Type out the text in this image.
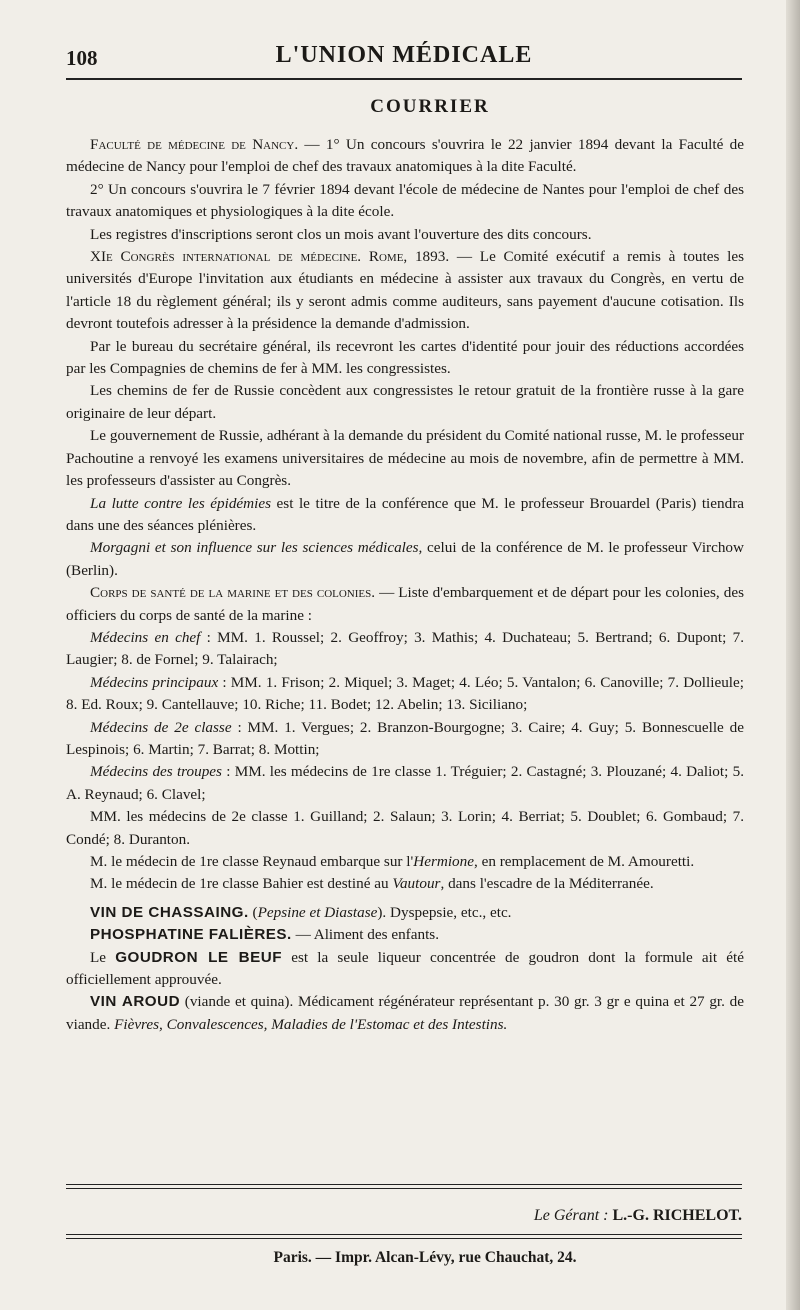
108	L'UNION MÉDICALE
COURRIER

Faculté de médecine de Nancy. — 1° Un concours s'ouvrira le 22 janvier 1894 devant la Faculté de médecine de Nancy pour l'emploi de chef des travaux anatomiques à la dite Faculté.

2° Un concours s'ouvrira le 7 février 1894 devant l'école de médecine de Nantes pour l'emploi de chef des travaux anatomiques et physiologiques à la dite école.

Les registres d'inscriptions seront clos un mois avant l'ouverture des dits concours.

XIe Congrès international de médecine. Rome, 1893. — Le Comité exécutif a remis à toutes les universités d'Europe l'invitation aux étudiants en médecine à assister aux travaux du Congrès, en vertu de l'article 18 du règlement général; ils y seront admis comme auditeurs, sans payement d'aucune cotisation. Ils devront toutefois adresser à la présidence la demande d'admission.

Par le bureau du secrétaire général, ils recevront les cartes d'identité pour jouir des réductions accordées par les Compagnies de chemins de fer à MM. les congressistes.

Les chemins de fer de Russie concèdent aux congressistes le retour gratuit de la frontière russe à la gare originaire de leur départ.

Le gouvernement de Russie, adhérant à la demande du président du Comité national russe, M. le professeur Pachoutine a renvoyé les examens universitaires de médecine au mois de novembre, afin de permettre à MM. les professeurs d'assister au Congrès.

La lutte contre les épidémies est le titre de la conférence que M. le professeur Brouardel (Paris) tiendra dans une des séances plénières.

Morgagni et son influence sur les sciences médicales, celui de la conférence de M. le professeur Virchow (Berlin).

Corps de santé de la marine et des colonies. — Liste d'embarquement et de départ pour les colonies, des officiers du corps de santé de la marine :

Médecins en chef : MM. 1. Roussel; 2. Geoffroy; 3. Mathis; 4. Duchateau; 5. Bertrand; 6. Dupont; 7. Laugier; 8. de Fornel; 9. Talairach;

Médecins principaux : MM. 1. Frison; 2. Miquel; 3. Maget; 4. Léo; 5. Vantalon; 6. Canoville; 7. Dollieule; 8. Ed. Roux; 9. Cantellauve; 10. Riche; 11. Bodet; 12. Abelin; 13. Siciliano;

Médecins de 2e classe : MM. 1. Vergues; 2. Branzon-Bourgogne; 3. Caire; 4. Guy; 5. Bonnescuelle de Lespinois; 6. Martin; 7. Barrat; 8. Mottin;

Médecins des troupes : MM. les médecins de 1re classe 1. Tréguier; 2. Castagné; 3. Plouzané; 4. Daliot; 5. A. Reynaud; 6. Clavel;

MM. les médecins de 2e classe 1. Guilland; 2. Salaun; 3. Lorin; 4. Berriat; 5. Doublet; 6. Gombaud; 7. Condé; 8. Duranton.

M. le médecin de 1re classe Reynaud embarque sur l'Hermione, en remplacement de M. Amouretti.

M. le médecin de 1re classe Bahier est destiné au Vautour, dans l'escadre de la Méditerranée.

VIN DE CHASSAING. (Pepsine et Diastase). Dyspepsie, etc., etc.

PHOSPHATINE FALIÈRES. — Aliment des enfants.

Le GOUDRON LE BEUF est la seule liqueur concentrée de goudron dont la formule ait été officiellement approuvée.

VIN AROUD (viande et quina). Médicament régénérateur représentant p. 30 gr. 3 gr e quina et 27 gr. de viande. Fièvres, Convalescences, Maladies de l'Estomac et des Intestins.

Le Gérant : L.-G. RICHELOT.
Paris. — Impr. Alcan-Lévy, rue Chauchat, 24.
